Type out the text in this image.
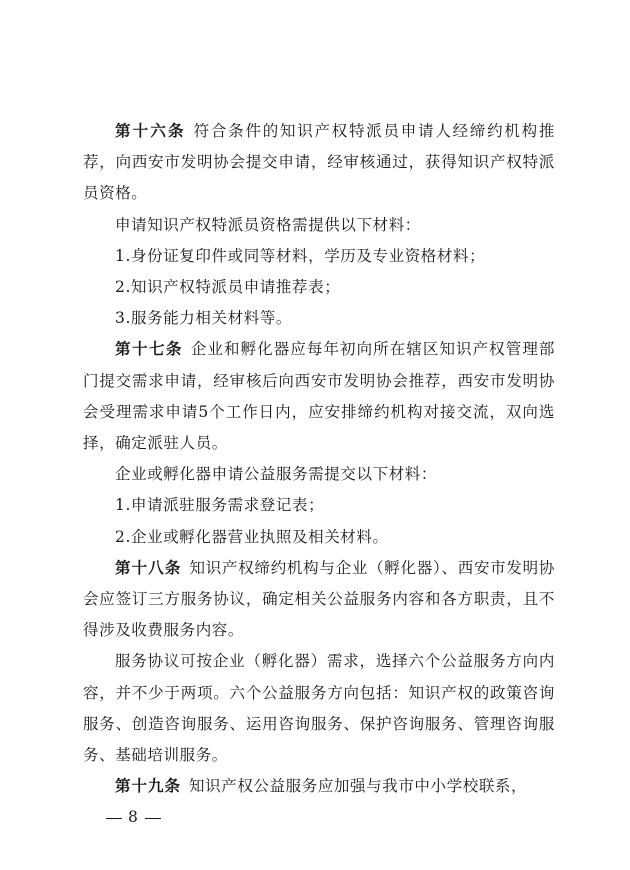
第十六条 符合条件的知识产权特派员申请人经缔约机构推荐，向西安市发明协会提交申请，经审核通过，获得知识产权特派员资格。

申请知识产权特派员资格需提供以下材料：

1.身份证复印件或同等材料，学历及专业资格材料；

2.知识产权特派员申请推荐表；

3.服务能力相关材料等。

第十七条 企业和孵化器应每年初向所在辖区知识产权管理部门提交需求申请，经审核后向西安市发明协会推荐，西安市发明协会受理需求申请5个工作日内，应安排缔约机构对接交流，双向选择，确定派驻人员。

企业或孵化器申请公益服务需提交以下材料：

1.申请派驻服务需求登记表；

2.企业或孵化器营业执照及相关材料。

第十八条 知识产权缔约机构与企业（孵化器）、西安市发明协会应签订三方服务协议，确定相关公益服务内容和各方职责，且不得涉及收费服务内容。

服务协议可按企业（孵化器）需求，选择六个公益服务方向内容，并不少于两项。六个公益服务方向包括：知识产权的政策咨询服务、创造咨询服务、运用咨询服务、保护咨询服务、管理咨询服务、基础培训服务。

第十九条 知识产权公益服务应加强与我市中小学校联系，

8
